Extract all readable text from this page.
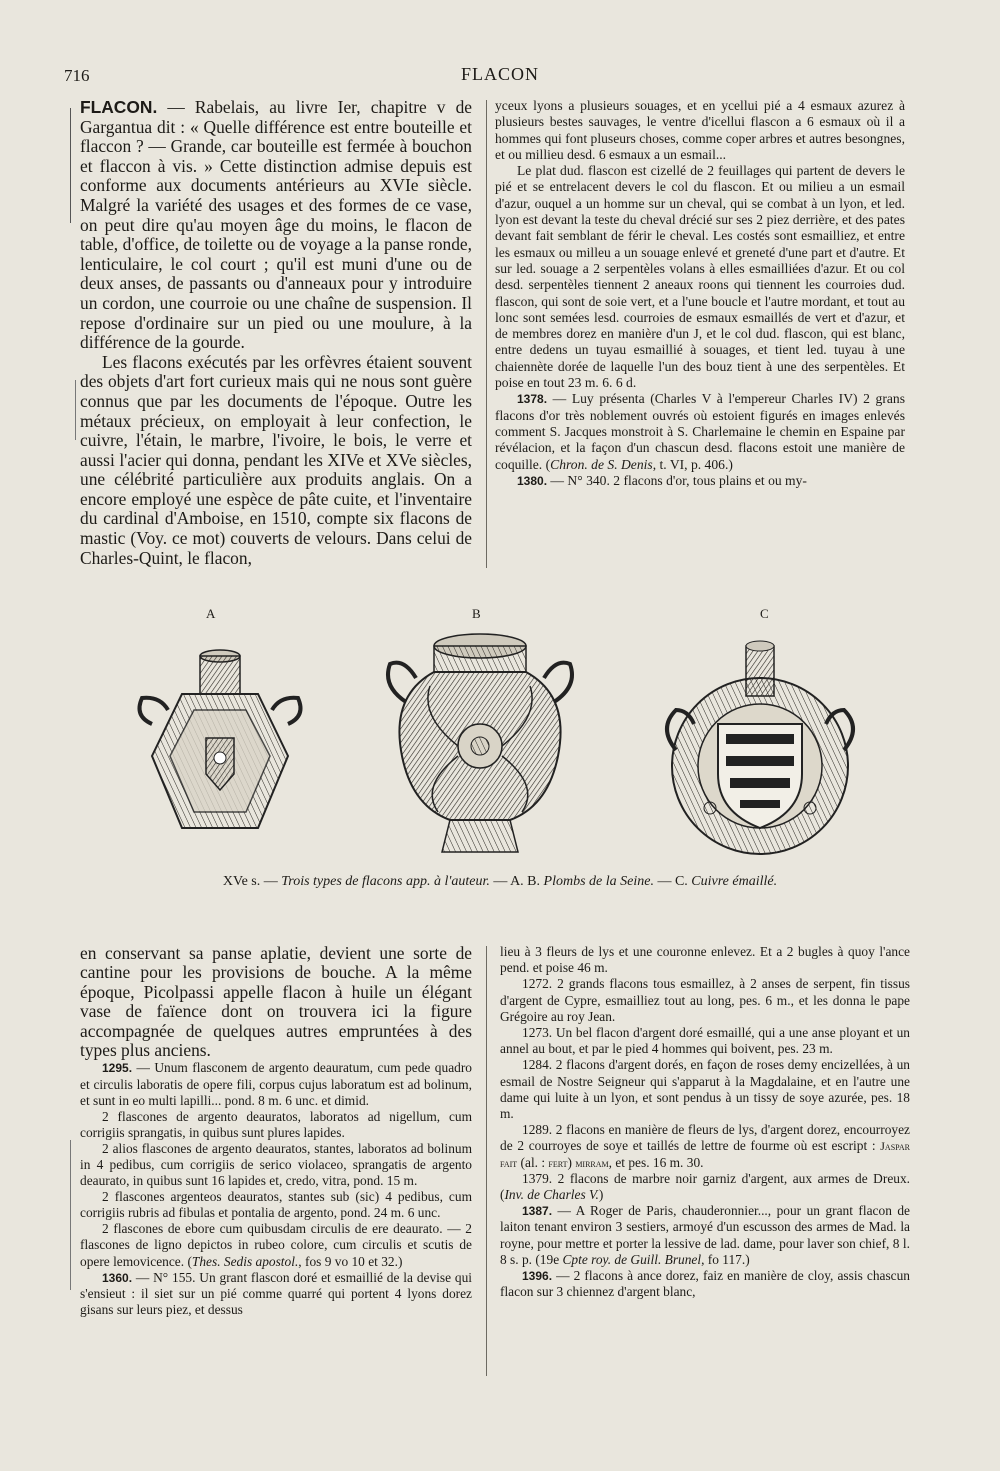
716	FLACON

FLACON. — Rabelais, au livre Ier, chapitre v de Gargantua dit : « Quelle différence est entre bouteille et flaccon ? — Grande, car bouteille est fermée à bouchon et flaccon à vis. » Cette distinction admise depuis est conforme aux documents antérieurs au XVIe siècle. Malgré la variété des usages et des formes de ce vase, on peut dire qu'au moyen âge du moins, le flacon de table, d'office, de toilette ou de voyage a la panse ronde, lenticulaire, le col court ; qu'il est muni d'une ou de deux anses, de passants ou d'anneaux pour y introduire un cordon, une courroie ou une chaîne de suspension. Il repose d'ordinaire sur un pied ou une moulure, à la différence de la gourde.

Les flacons exécutés par les orfèvres étaient souvent des objets d'art fort curieux mais qui ne nous sont guère connus que par les documents de l'époque. Outre les métaux précieux, on employait à leur confection, le cuivre, l'étain, le marbre, l'ivoire, le bois, le verre et aussi l'acier qui donna, pendant les XIVe et XVe siècles, une célébrité particulière aux produits anglais. On a encore employé une espèce de pâte cuite, et l'inventaire du cardinal d'Amboise, en 1510, compte six flacons de mastic (Voy. ce mot) couverts de velours. Dans celui de Charles-Quint, le flacon,

yceux lyons a plusieurs souages, et en ycellui pié a 4 esmaux azurez à plusieurs bestes sauvages, le ventre d'icellui flascon a 6 esmaux où il a hommes qui font pluseurs choses, comme coper arbres et autres besongnes, et ou millieu desd. 6 esmaux a un esmail...

Le plat dud. flascon est cizellé de 2 feuillages qui partent de devers le pié et se entrelacent devers le col du flascon. Et ou milieu a un esmail d'azur, ouquel a un homme sur un cheval, qui se combat à un lyon, et led. lyon est devant la teste du cheval drécié sur ses 2 piez derrière, et des pates devant fait semblant de férir le cheval. Les costés sont esmailliez, et entre les esmaux ou milleu a un souage enlevé et greneté d'une part et d'autre. Et sur led. souage a 2 serpentèles volans à elles esmailliées d'azur. Et ou col desd. serpentèles tiennent 2 aneaux roons qui tiennent les courroies dud. flascon, qui sont de soie vert, et a l'une boucle et l'autre mordant, et tout au lonc sont semées lesd. courroies de esmaux esmaillés de vert et d'azur, et de membres dorez en manière d'un J, et le col dud. flascon, qui est blanc, entre dedens un tuyau esmaillié à souages, et tient led. tuyau à une chaiennète dorée de laquelle l'un des bouz tient à une des serpentèles. Et poise en tout 23 m. 6. 6 d.

1378. — Luy présenta (Charles V à l'empereur Charles IV) 2 grans flacons d'or très noblement ouvrés où estoient figurés en images enlevés comment S. Jacques monstroit à S. Charlemaine le chemin en Espaine par révélacion, et la façon d'un chascun desd. flacons estoit une manière de coquille. (Chron. de S. Denis, t. VI, p. 406.)

1380. — N° 340. 2 flacons d'or, tous plains et ou my-

A	B	C
XVe s. — Trois types de flacons app. à l'auteur. — A. B. Plombs de la Seine. — C. Cuivre émaillé.

en conservant sa panse aplatie, devient une sorte de cantine pour les provisions de bouche. A la même époque, Picolpassi appelle flacon à huile un élégant vase de faïence dont on trouvera ici la figure accompagnée de quelques autres empruntées à des types plus anciens.

1295. — Unum flasconem de argento deauratum, cum pede quadro et circulis laboratis de opere fili, corpus cujus laboratum est ad bolinum, et sunt in eo multi lapilli... pond. 8 m. 6 unc. et dimid.

2 flascones de argento deauratos, laboratos ad nigellum, cum corrigiis sprangatis, in quibus sunt plures lapides.

2 alios flascones de argento deauratos, stantes, laboratos ad bolinum in 4 pedibus, cum corrigiis de serico violaceo, sprangatis de argento deaurato, in quibus sunt 16 lapides et, credo, vitra, pond. 15 m.

2 flascones argenteos deauratos, stantes sub (sic) 4 pedibus, cum corrigiis rubris ad fibulas et pontalia de argento, pond. 24 m. 6 unc.

2 flascones de ebore cum quibusdam circulis de ere deaurato. — 2 flascones de ligno depictos in rubeo colore, cum circulis et scutis de opere lemovicence. (Thes. Sedis apostol., fos 9 vo 10 et 32.)

1360. — N° 155. Un grant flascon doré et esmaillié de la devise qui s'ensieut : il siet sur un pié comme quarré qui portent 4 lyons dorez gisans sur leurs piez, et dessus

lieu à 3 fleurs de lys et une couronne enlevez. Et a 2 bugles à quoy l'ance pend. et poise 46 m.

1272. 2 grands flacons tous esmaillez, à 2 anses de serpent, fin tissus d'argent de Cypre, esmailliez tout au long, pes. 6 m., et les donna le pape Grégoire au roy Jean.

1273. Un bel flacon d'argent doré esmaillé, qui a une anse ployant et un annel au bout, et par le pied 4 hommes qui boivent, pes. 23 m.

1284. 2 flacons d'argent dorés, en façon de roses demy encizellées, à un esmail de Nostre Seigneur qui s'apparut à la Magdalaine, et en l'autre une dame qui luite à un lyon, et sont pendus à un tissy de soye azurée, pes. 18 m.

1289. 2 flacons en manière de fleurs de lys, d'argent dorez, encourroyez de 2 courroyes de soye et taillés de lettre de fourme où est escript : Jaspar fait (al. : fert) mirram, et pes. 16 m. 30.

1379. 2 flacons de marbre noir garniz d'argent, aux armes de Dreux. (Inv. de Charles V.)

1387. — A Roger de Paris, chauderonnier..., pour un grant flacon de laiton tenant environ 3 sestiers, armoyé d'un escusson des armes de Mad. la royne, pour mettre et porter la lessive de lad. dame, pour laver son chief, 8 l. 8 s. p. (19e Cpte roy. de Guill. Brunel, fo 117.)

1396. — 2 flacons à ance dorez, faiz en manière de cloy, assis chascun flacon sur 3 chiennez d'argent blanc,
